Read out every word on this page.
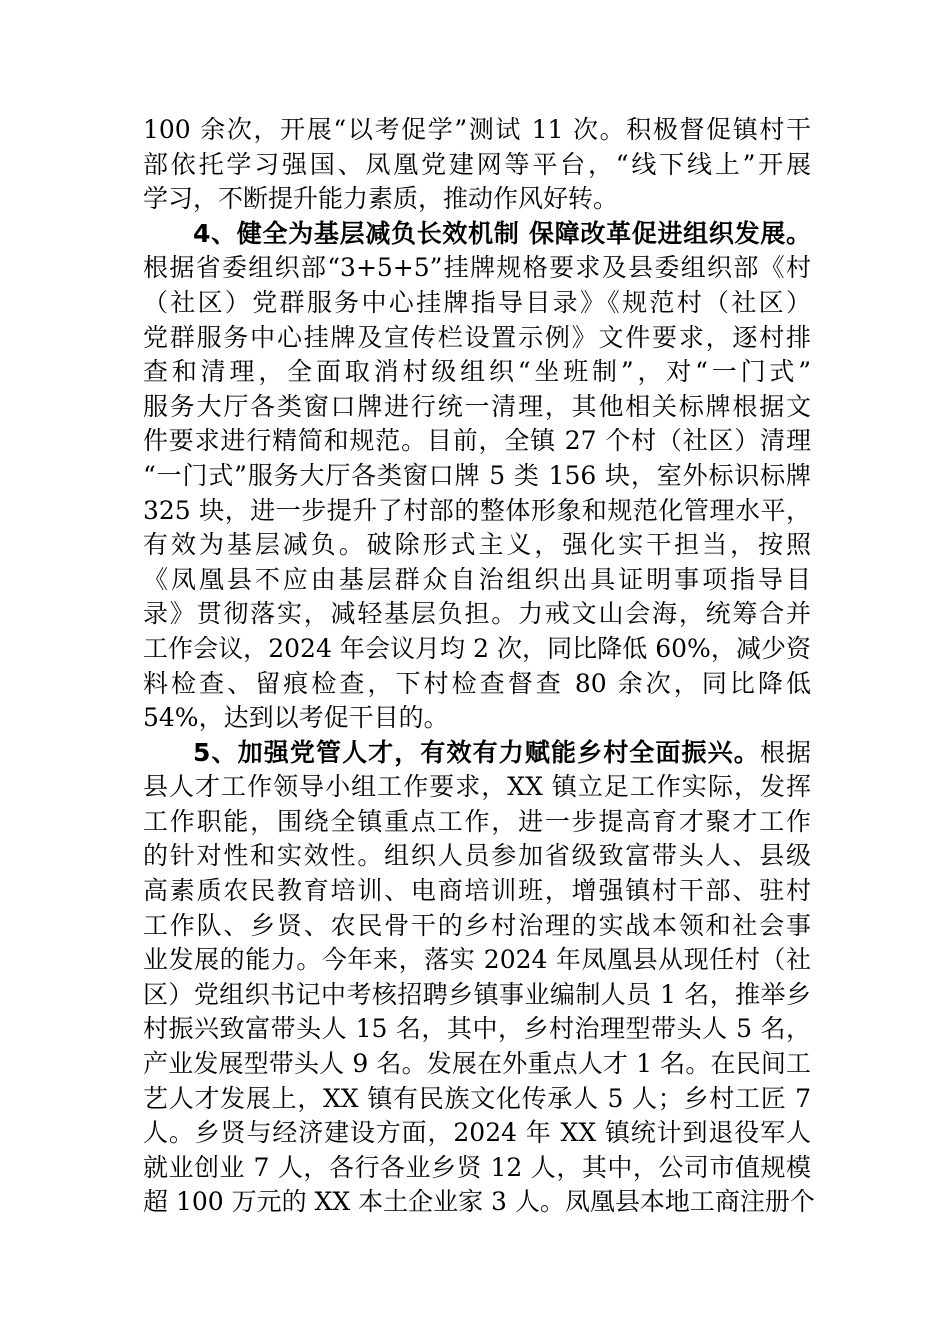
100 余次，开展“以考促学”测试 11 次。积极督促镇村干
部依托学习强国、凤凰党建网等平台，“线下线上”开展
学习，不断提升能力素质，推动作风好转。
4、健全为基层减负长效机制 保障改革促进组织发展。
根据省委组织部“3+5+5”挂牌规格要求及县委组织部《村
（社区）党群服务中心挂牌指导目录》《规范村（社区）
党群服务中心挂牌及宣传栏设置示例》文件要求，逐村排
查和清理，全面取消村级组织“坐班制”，对“一门式”
服务大厅各类窗口牌进行统一清理，其他相关标牌根据文
件要求进行精简和规范。目前，全镇 27 个村（社区）清理
“一门式”服务大厅各类窗口牌 5 类 156 块，室外标识标牌
325 块，进一步提升了村部的整体形象和规范化管理水平，
有效为基层减负。破除形式主义，强化实干担当，按照
《凤凰县不应由基层群众自治组织出具证明事项指导目
录》贯彻落实，减轻基层负担。力戒文山会海，统筹合并
工作会议，2024 年会议月均 2 次，同比降低 60%，减少资
料检查、留痕检查，下村检查督查 80 余次，同比降低
54%，达到以考促干目的。
5、加强党管人才，有效有力赋能乡村全面振兴。根据
县人才工作领导小组工作要求，XX 镇立足工作实际，发挥
工作职能，围绕全镇重点工作，进一步提高育才聚才工作
的针对性和实效性。组织人员参加省级致富带头人、县级
高素质农民教育培训、电商培训班，增强镇村干部、驻村
工作队、乡贤、农民骨干的乡村治理的实战本领和社会事
业发展的能力。今年来，落实 2024 年凤凰县从现任村（社
区）党组织书记中考核招聘乡镇事业编制人员 1 名，推举乡
村振兴致富带头人 15 名，其中，乡村治理型带头人 5 名，
产业发展型带头人 9 名。发展在外重点人才 1 名。在民间工
艺人才发展上，XX 镇有民族文化传承人 5 人；乡村工匠 7
人。乡贤与经济建设方面，2024 年 XX 镇统计到退役军人
就业创业 7 人，各行各业乡贤 12 人，其中，公司市值规模
超 100 万元的 XX 本土企业家 3 人。凤凰县本地工商注册个
